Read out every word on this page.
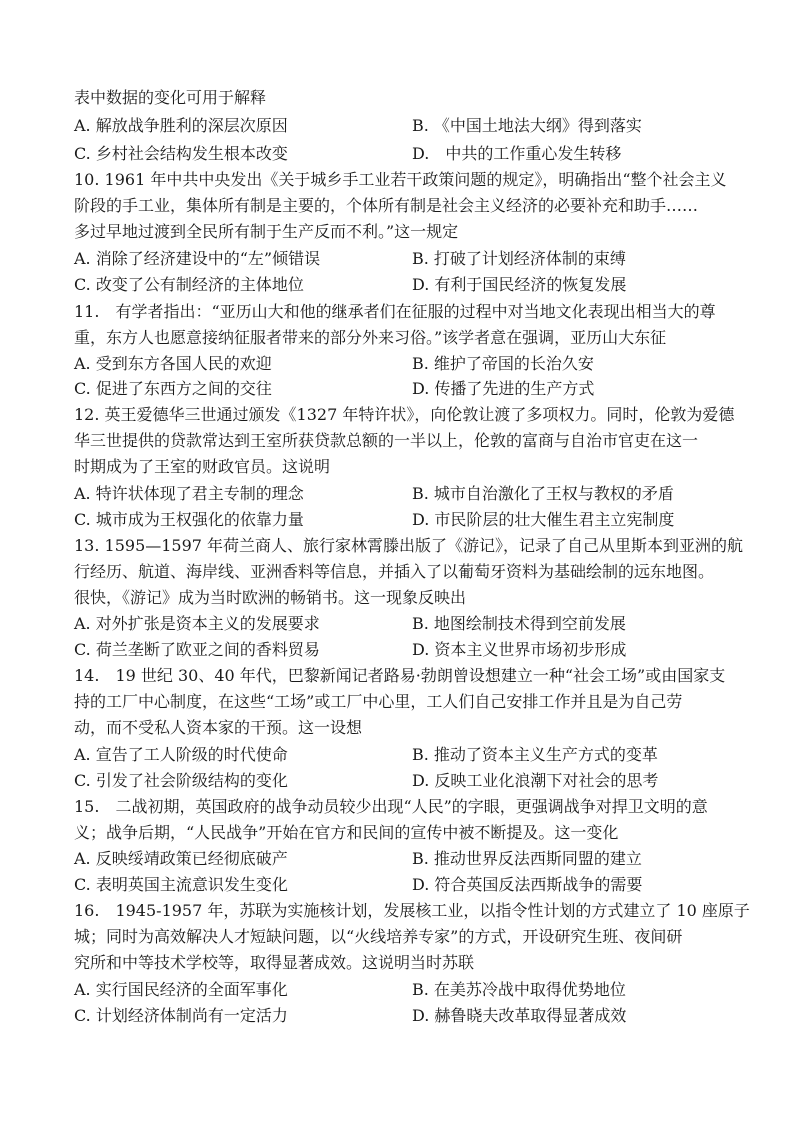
表中数据的变化可用于解释
A. 解放战争胜利的深层次原因	B. 《中国土地法大纲》得到落实
C. 乡村社会结构发生根本改变	D.　中共的工作重心发生转移
10. 1961 年中共中央发出《关于城乡手工业若干政策问题的规定》，明确指出“整个社会主义
阶段的手工业，集体所有制是主要的，个体所有制是社会主义经济的必要补充和助手……
多过早地过渡到全民所有制于生产反而不利。”这一规定
A. 消除了经济建设中的“左”倾错误	B. 打破了计划经济体制的束缚
C. 改变了公有制经济的主体地位	D. 有利于国民经济的恢复发展
11.　有学者指出：“亚历山大和他的继承者们在征服的过程中对当地文化表现出相当大的尊
重，东方人也愿意接纳征服者带来的部分外来习俗。”该学者意在强调，亚历山大东征
A. 受到东方各国人民的欢迎	B. 维护了帝国的长治久安
C. 促进了东西方之间的交往	D. 传播了先进的生产方式
12. 英王爱德华三世通过颁发《1327 年特许状》，向伦敦让渡了多项权力。同时，伦敦为爱德
华三世提供的贷款常达到王室所获贷款总额的一半以上，伦敦的富商与自治市官吏在这一
时期成为了王室的财政官员。这说明
A. 特许状体现了君主专制的理念	B. 城市自治激化了王权与教权的矛盾
C. 城市成为王权强化的依靠力量	D. 市民阶层的壮大催生君主立宪制度
13. 1595—1597 年荷兰商人、旅行家林霄滕出版了《游记》，记录了自己从里斯本到亚洲的航
行经历、航道、海岸线、亚洲香料等信息，并插入了以葡萄牙资料为基础绘制的远东地图。
很快，《游记》成为当时欧洲的畅销书。这一现象反映出
A. 对外扩张是资本主义的发展要求	B. 地图绘制技术得到空前发展
C. 荷兰垄断了欧亚之间的香料贸易	D. 资本主义世界市场初步形成
14.　19 世纪 30、40 年代，巴黎新闻记者路易·勃朗曾设想建立一种“社会工场”或由国家支
持的工厂中心制度，在这些“工场”或工厂中心里，工人们自己安排工作并且是为自己劳
动，而不受私人资本家的干预。这一设想
A. 宣告了工人阶级的时代使命	B. 推动了资本主义生产方式的变革
C. 引发了社会阶级结构的变化	D. 反映工业化浪潮下对社会的思考
15.　二战初期，英国政府的战争动员较少出现“人民”的字眼，更强调战争对捍卫文明的意
义；战争后期，“人民战争”开始在官方和民间的宣传中被不断提及。这一变化
A. 反映绥靖政策已经彻底破产	B. 推动世界反法西斯同盟的建立
C. 表明英国主流意识发生变化	D. 符合英国反法西斯战争的需要
16.　1945-1957 年，苏联为实施核计划，发展核工业，以指令性计划的方式建立了 10 座原子
城；同时为高效解决人才短缺问题，以“火线培养专家”的方式，开设研究生班、夜间研
究所和中等技术学校等，取得显著成效。这说明当时苏联
A. 实行国民经济的全面军事化	B. 在美苏冷战中取得优势地位
C. 计划经济体制尚有一定活力	D. 赫鲁晓夫改革取得显著成效
